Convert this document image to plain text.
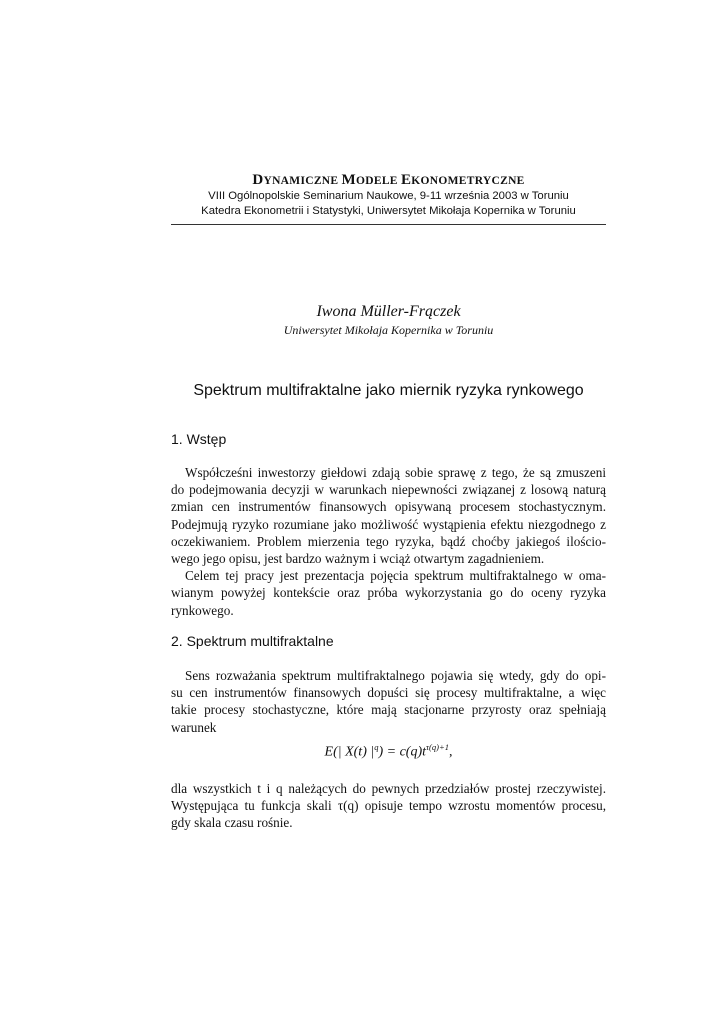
DYNAMICZNE MODELE EKONOMETRYCZNE
VIII Ogólnopolskie Seminarium Naukowe, 9-11 września 2003 w Toruniu
Katedra Ekonometrii i Statystyki, Uniwersytet Mikołaja Kopernika w Toruniu
Iwona Müller-Frączek
Uniwersytet Mikołaja Kopernika w Toruniu
Spektrum multifraktalne jako miernik ryzyka rynkowego
1. Wstęp
Współcześni inwestorzy giełdowi zdają sobie sprawę z tego, że są zmuszeni
do podejmowania decyzji w warunkach niepewności związanej z losową naturą
zmian cen instrumentów finansowych opisywaną procesem stochastycznym.
Podejmują ryzyko rozumiane jako możliwość wystąpienia efektu niezgodnego z
oczekiwaniem. Problem mierzenia tego ryzyka, bądź choćby jakiegoś ilościo-
wego jego opisu, jest bardzo ważnym i wciąż otwartym zagadnieniem.
Celem tej pracy jest prezentacja pojęcia spektrum multifraktalnego w oma-
wianym powyżej kontekście oraz próba wykorzystania go do oceny ryzyka
rynkowego.
2. Spektrum multifraktalne
Sens rozważania spektrum multifraktalnego pojawia się wtedy, gdy do opi-
su cen instrumentów finansowych dopuści się procesy multifraktalne, a więc
takie procesy stochastyczne, które mają stacjonarne przyrosty oraz spełniają
warunek
E(| X(t) $|^q) = c(q)t^{\tau(q)+1}$,
dla wszystkich t i q należących do pewnych przedziałów prostej rzeczywistej.
Występująca tu funkcja skali τ(q) opisuje tempo wzrostu momentów procesu,
gdy skala czasu rośnie.
